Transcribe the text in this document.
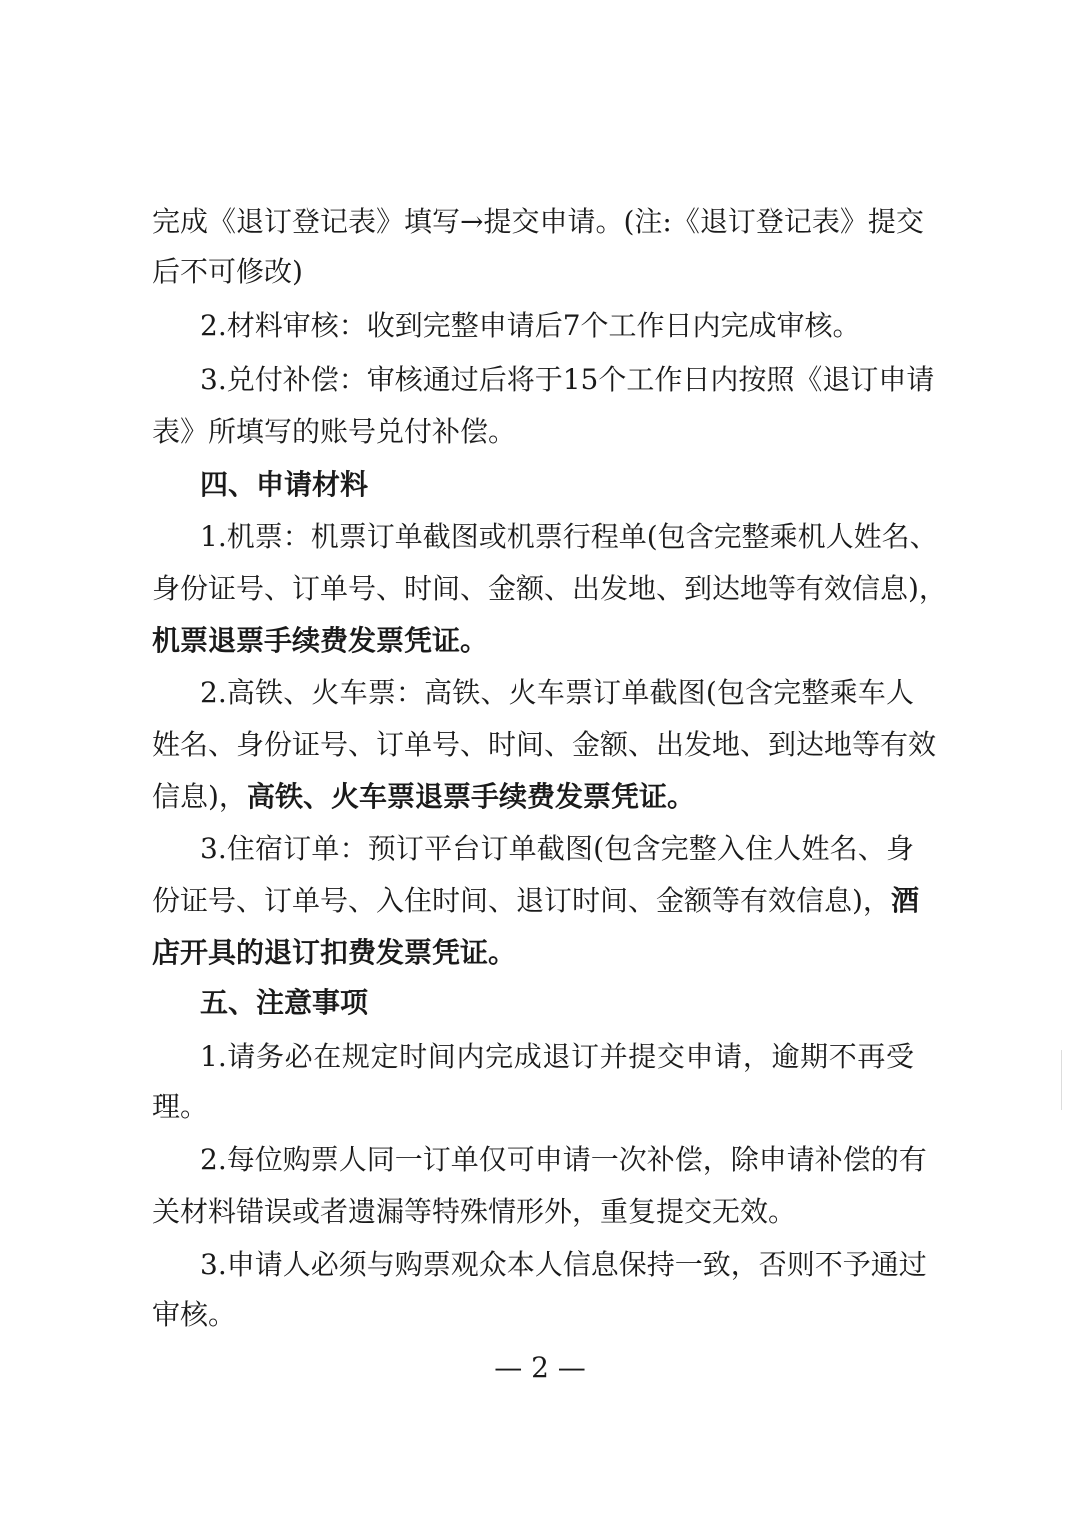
完成《退订登记表》填写→提交申请。(注:《退订登记表》提交
后不可修改)
2.材料审核：收到完整申请后7个工作日内完成审核。
3.兑付补偿：审核通过后将于15个工作日内按照《退订申请
表》所填写的账号兑付补偿。
四、申请材料
1.机票：机票订单截图或机票行程单(包含完整乘机人姓名、
身份证号、订单号、时间、金额、出发地、到达地等有效信息)，
机票退票手续费发票凭证。
2.高铁、火车票：高铁、火车票订单截图(包含完整乘车人
姓名、身份证号、订单号、时间、金额、出发地、到达地等有效
信息)，高铁、火车票退票手续费发票凭证。
3.住宿订单：预订平台订单截图(包含完整入住人姓名、身
份证号、订单号、入住时间、退订时间、金额等有效信息)，酒
店开具的退订扣费发票凭证。
五、注意事项
1.请务必在规定时间内完成退订并提交申请，逾期不再受
理。
2.每位购票人同一订单仅可申请一次补偿，除申请补偿的有
关材料错误或者遗漏等特殊情形外，重复提交无效。
3.申请人必须与购票观众本人信息保持一致，否则不予通过
审核。
— 2 —
